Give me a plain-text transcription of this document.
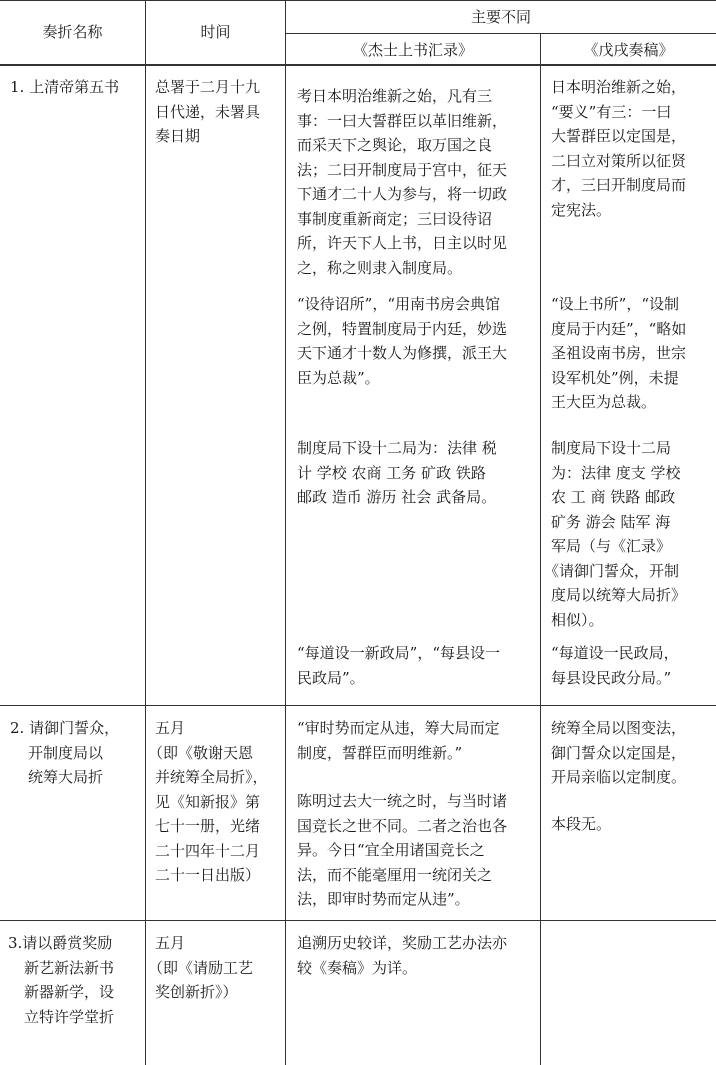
奏折名称	时间
主要不同
《杰士上书汇录》	《戊戌奏稿》
1. 上清帝第五书 总署于二月十九
日代递，未署具
奏日期
考日本明治维新之始，凡有三
事：一曰大誓群臣以革旧维新，
而采天下之舆论，取万国之良
法；二曰开制度局于宫中，征天
下通才二十人为参与，将一切政
事制度重新商定；三曰设待诏
所，许天下人上书，日主以时见
之，称之则隶入制度局。
“设待诏所”，“用南书房会典馆
之例，特置制度局于内廷，妙选
天下通才十数人为修撰，派王大
臣为总裁”。
制度局下设十二局为：法律 税
计 学校 农商 工务 矿政 铁路
邮政 造币 游历 社会 武备局。
“每道设一新政局”，“每县设一
民政局”。
日本明治维新之始，
“要义”有三：一曰
大誓群臣以定国是，
二曰立对策所以征贤
才，三曰开制度局而
定宪法。
“设上书所”，“设制
度局于内廷”，“略如
圣祖设南书房，世宗
设军机处”例，未提
王大臣为总裁。
制度局下设十二局
为：法律 度支 学校
农 工 商 铁路 邮政
矿务 游会 陆军 海
军局（与《汇录》
《请御门誓众，开制
度局以统筹大局折》
相似）。
“每道设一民政局，
每县设民政分局。”
2. 请御门誓众，
开制度局以
统筹大局折
五月
（即《敬谢天恩
并统筹全局折》，
见《知新报》第
七十一册，光绪
二十四年十二月
二十一日出版）
“审时势而定从违，筹大局而定
制度，誓群臣而明维新。”
陈明过去大一统之时，与当时诸
国竞长之世不同。二者之治也各
异。今日“宜全用诸国竞长之
法，而不能毫厘用一统闭关之
法，即审时势而定从违”。
统筹全局以图变法，
御门誓众以定国是，
开局亲临以定制度。
本段无。
3.请以爵赏奖励
新艺新法新书
新器新学，设
立特许学堂折
五月
（即《请励工艺
奖创新折》）
追溯历史较详，奖励工艺办法亦
较《奏稿》为详。
